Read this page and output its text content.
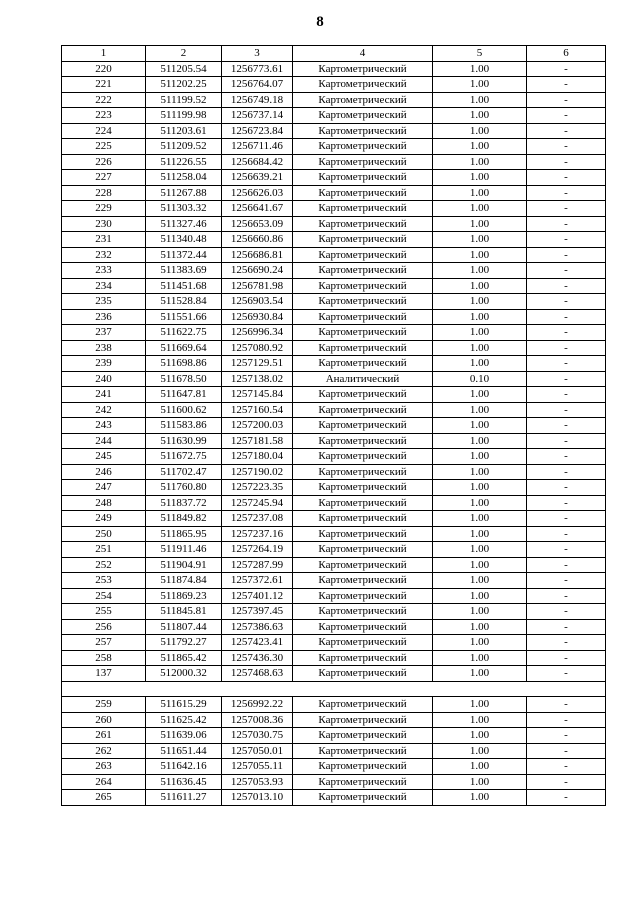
8
1	2	3	4	5	6
220	511205.54	1256773.61	Картометрический	1.00	-
221	511202.25	1256764.07	Картометрический	1.00	-
222	511199.52	1256749.18	Картометрический	1.00	-
223	511199.98	1256737.14	Картометрический	1.00	-
224	511203.61	1256723.84	Картометрический	1.00	-
225	511209.52	1256711.46	Картометрический	1.00	-
226	511226.55	1256684.42	Картометрический	1.00	-
227	511258.04	1256639.21	Картометрический	1.00	-
228	511267.88	1256626.03	Картометрический	1.00	-
229	511303.32	1256641.67	Картометрический	1.00	-
230	511327.46	1256653.09	Картометрический	1.00	-
231	511340.48	1256660.86	Картометрический	1.00	-
232	511372.44	1256686.81	Картометрический	1.00	-
233	511383.69	1256690.24	Картометрический	1.00	-
234	511451.68	1256781.98	Картометрический	1.00	-
235	511528.84	1256903.54	Картометрический	1.00	-
236	511551.66	1256930.84	Картометрический	1.00	-
237	511622.75	1256996.34	Картометрический	1.00	-
238	511669.64	1257080.92	Картометрический	1.00	-
239	511698.86	1257129.51	Картометрический	1.00	-
240	511678.50	1257138.02	Аналитический	0.10	-
241	511647.81	1257145.84	Картометрический	1.00	-
242	511600.62	1257160.54	Картометрический	1.00	-
243	511583.86	1257200.03	Картометрический	1.00	-
244	511630.99	1257181.58	Картометрический	1.00	-
245	511672.75	1257180.04	Картометрический	1.00	-
246	511702.47	1257190.02	Картометрический	1.00	-
247	511760.80	1257223.35	Картометрический	1.00	-
248	511837.72	1257245.94	Картометрический	1.00	-
249	511849.82	1257237.08	Картометрический	1.00	-
250	511865.95	1257237.16	Картометрический	1.00	-
251	511911.46	1257264.19	Картометрический	1.00	-
252	511904.91	1257287.99	Картометрический	1.00	-
253	511874.84	1257372.61	Картометрический	1.00	-
254	511869.23	1257401.12	Картометрический	1.00	-
255	511845.81	1257397.45	Картометрический	1.00	-
256	511807.44	1257386.63	Картометрический	1.00	-
257	511792.27	1257423.41	Картометрический	1.00	-
258	511865.42	1257436.30	Картометрический	1.00	-
137	512000.32	1257468.63	Картометрический	1.00	-

259	511615.29	1256992.22	Картометрический	1.00	-
260	511625.42	1257008.36	Картометрический	1.00	-
261	511639.06	1257030.75	Картометрический	1.00	-
262	511651.44	1257050.01	Картометрический	1.00	-
263	511642.16	1257055.11	Картометрический	1.00	-
264	511636.45	1257053.93	Картометрический	1.00	-
265	511611.27	1257013.10	Картометрический	1.00	-
